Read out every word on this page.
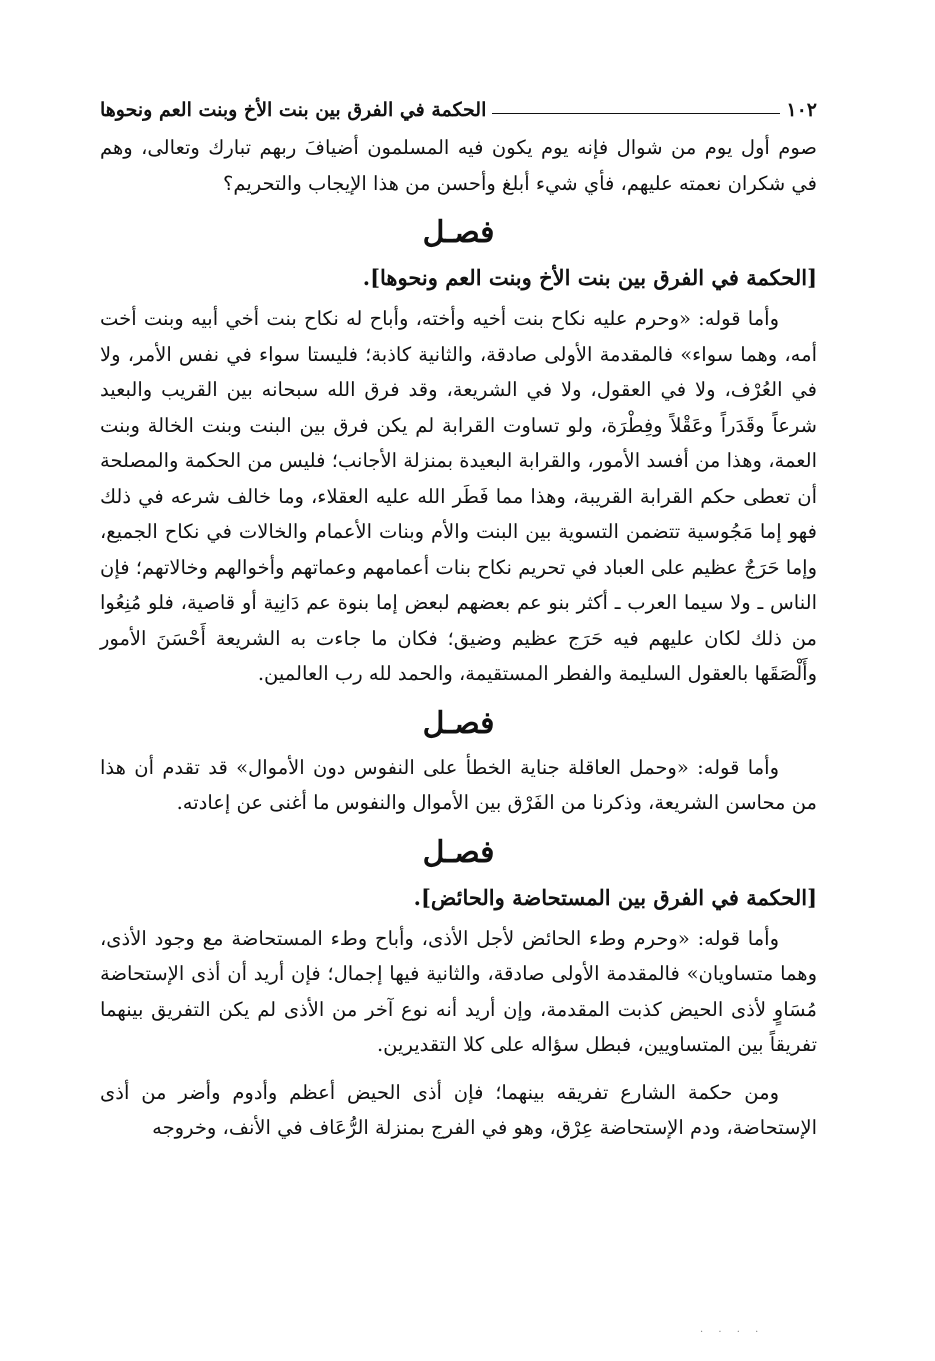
١٠٢
الحكمة في الفرق بين بنت الأخ وبنت العم ونحوها

صوم أول يوم من شوال فإنه يوم يكون فيه المسلمون أضيافَ ربهم تبارك وتعالى، وهم في شكران نعمته عليهم، فأي شيء أبلغ وأحسن من هذا الإيجاب والتحريم؟

فصـل
[الحكمة في الفرق بين بنت الأخ وبنت العم ونحوها].

وأما قوله: «وحرم عليه نكاح بنت أخيه وأخته، وأباح له نكاح بنت أخي أبيه وبنت أخت أمه، وهما سواء» فالمقدمة الأولى صادقة، والثانية كاذبة؛ فليستا سواء في نفس الأمر، ولا في العُرْف، ولا في العقول، ولا في الشريعة، وقد فرق الله سبحانه بين القريب والبعيد شرعاً وقَدَراً وعَقْلاً وفِطْرَة، ولو تساوت القرابة لم يكن فرق بين البنت وبنت الخالة وبنت العمة، وهذا من أفسد الأمور، والقرابة البعيدة بمنزلة الأجانب؛ فليس من الحكمة والمصلحة أن تعطى حكم القرابة القريبة، وهذا مما فَطَر الله عليه العقلاء، وما خالف شرعه في ذلك فهو إما مَجُوسية تتضمن التسوية بين البنت والأم وبنات الأعمام والخالات في نكاح الجميع، وإما حَرَجٌ عظيم على العباد في تحريم نكاح بنات أعمامهم وعماتهم وأخوالهم وخالاتهم؛ فإن الناس ـ ولا سيما العرب ـ أكثر بنو عم بعضهم لبعض إما بنوة عم دَانِية أو قاصية، فلو مُنِعُوا من ذلك لكان عليهم فيه حَرَج عظيم وضيق؛ فكان ما جاءت به الشريعة أَحْسَنَ الأمور وأَلْصَقَها بالعقول السليمة والفطر المستقيمة، والحمد لله رب العالمين.

فصـل

وأما قوله: «وحمل العاقلة جناية الخطأ على النفوس دون الأموال» قد تقدم أن هذا من محاسن الشريعة، وذكرنا من الفَرْق بين الأموال والنفوس ما أغنى عن إعادته.

فصـل
[الحكمة في الفرق بين المستحاضة والحائض].

وأما قوله: «وحرم وطء الحائض لأجل الأذى، وأباح وطء المستحاضة مع وجود الأذى، وهما متساويان» فالمقدمة الأولى صادقة، والثانية فيها إجمال؛ فإن أريد أن أذى الإستحاضة مُسَاوٍ لأذى الحيض كذبت المقدمة، وإن أريد أنه نوع آخر من الأذى لم يكن التفريق بينهما تفريقاً بين المتساويين، فبطل سؤاله على كلا التقديرين.

ومن حكمة الشارع تفريقه بينهما؛ فإن أذى الحيض أعظم وأدوم وأضر من أذى الإستحاضة، ودم الإستحاضة عِرْق، وهو في الفرج بمنزلة الرُّعَاف في الأنف، وخروجه

· · · ·
